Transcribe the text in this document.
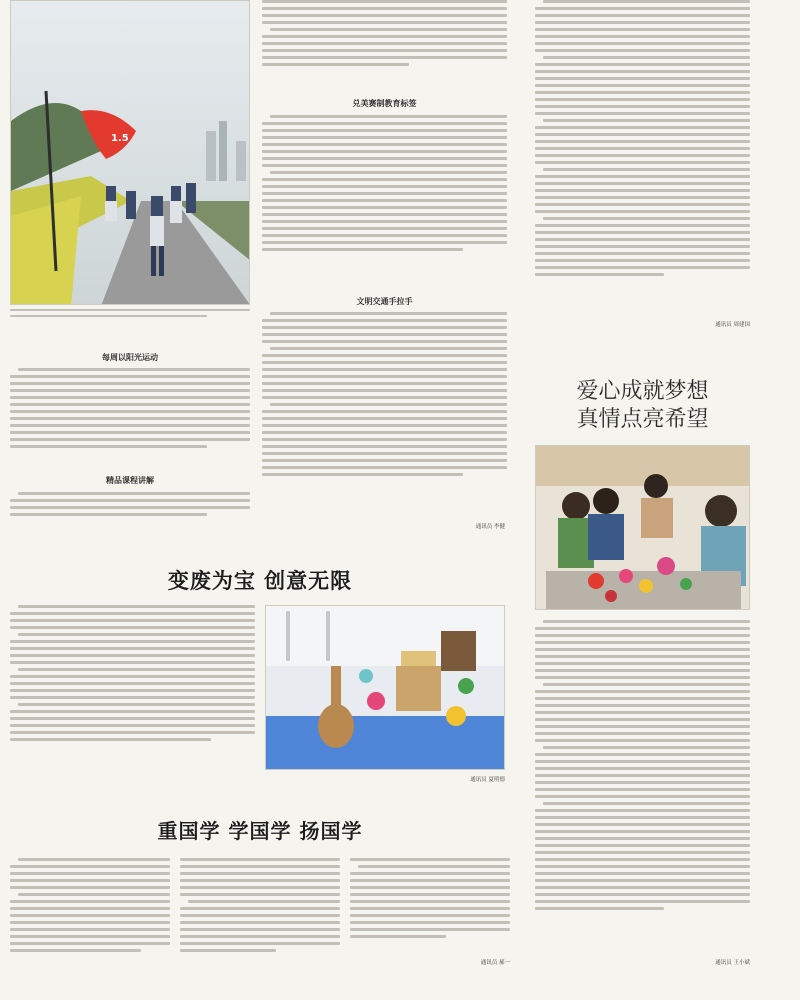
1.5
每周以阳光运动
精品课程讲解
兑美赛制教育标签
文明交通手拉手
通讯员 李健
通讯员 周建国
爱心成就梦想
真情点亮希望
通讯员 王小斌
变废为宝 创意无限
通讯员 夏明德
重国学 学国学 扬国学
通讯员 郝一
